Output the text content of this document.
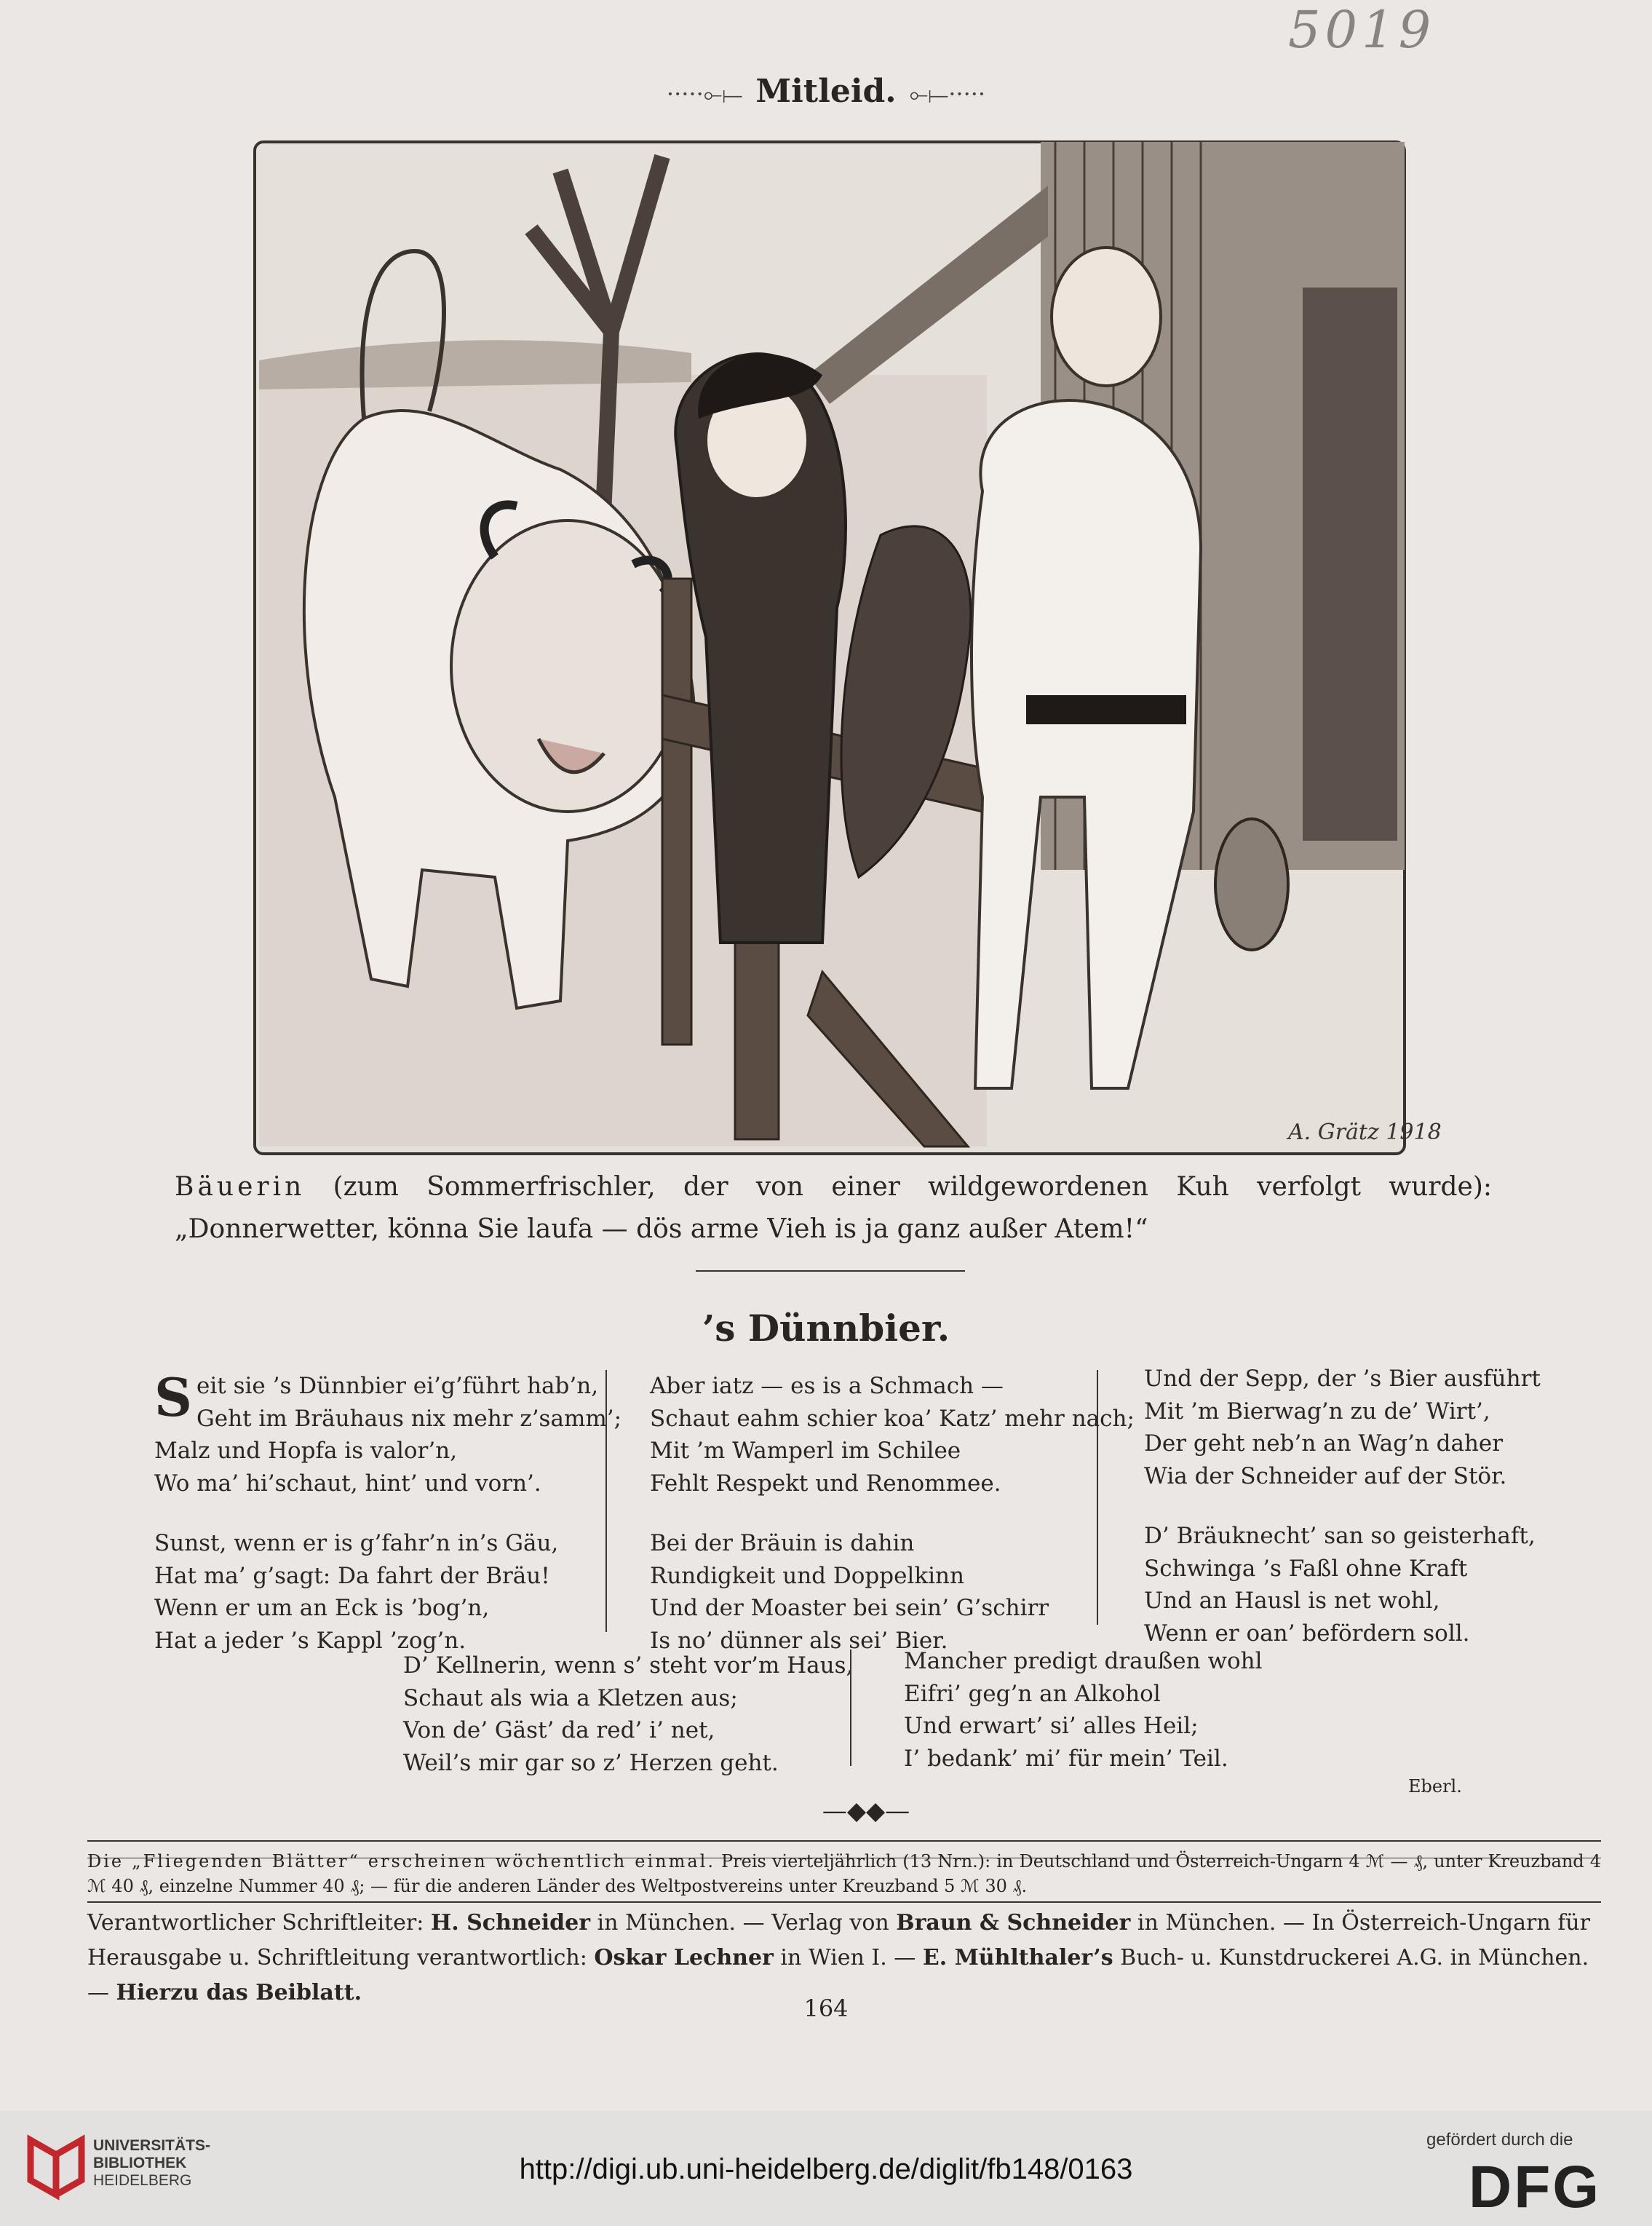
5019
·····⟜⟝ Mitleid. ⟜⟝·····
A. Grätz 1918
Bäuerin (zum Sommerfrischler, der von einer wildgewordenen Kuh verfolgt wurde): „Donnerwetter, könna Sie laufa — dös arme Vieh is ja ganz außer Atem!“
’s Dünnbier.
S eit sie ’s Dünnbier ei’g’führt hab’n,

Geht im Bräuhaus nix mehr z’samm’;

Malz und Hopfa is valor’n,

Wo ma’ hi’schaut, hint’ und vorn’.

Sunst, wenn er is g’fahr’n in’s Gäu,

Hat ma’ g’sagt: Da fahrt der Bräu!

Wenn er um an Eck is ’bog’n,

Hat a jeder ’s Kappl ’zog’n.

Aber iatz — es is a Schmach —

Schaut eahm schier koa’ Katz’ mehr nach;

Mit ’m Wamperl im Schilee

Fehlt Respekt und Renommee.

Bei der Bräuin is dahin

Rundigkeit und Doppelkinn

Und der Moaster bei sein’ G’schirr

Is no’ dünner als sei’ Bier.

Und der Sepp, der ’s Bier ausführt

Mit ’m Bierwag’n zu de’ Wirt’,

Der geht neb’n an Wag’n daher

Wia der Schneider auf der Stör.

D’ Bräuknecht’ san so geisterhaft,

Schwinga ’s Faßl ohne Kraft

Und an Hausl is net wohl,

Wenn er oan’ befördern soll.

D’ Kellnerin, wenn s’ steht vor’m Haus,

Schaut als wia a Kletzen aus;

Von de’ Gäst’ da red’ i’ net,

Weil’s mir gar so z’ Herzen geht.

Mancher predigt draußen wohl

Eifri’ geg’n an Alkohol

Und erwart’ si’ alles Heil;

I’ bedank’ mi’ für mein’ Teil.

Eberl.
—◆◆—
Die „Fliegenden Blätter“ erscheinen wöchentlich einmal. Preis vierteljährlich (13 Nrn.): in Deutschland und Österreich-Ungarn 4 ℳ — ₰, unter Kreuzband 4 ℳ 40 ₰, einzelne Nummer 40 ₰; — für die anderen Länder des Weltpostvereins unter Kreuzband 5 ℳ 30 ₰.
Verantwortlicher Schriftleiter: H. Schneider in München. — Verlag von Braun & Schneider in München. — In Österreich-Ungarn für Herausgabe u. Schriftleitung verantwortlich: Oskar Lechner in Wien I. — E. Mühlthaler’s Buch- u. Kunstdruckerei A.G. in München. — Hierzu das Beiblatt.
164
UNIVERSITÄTS-
BIBLIOTHEK
HEIDELBERG	http://digi.ub.uni-heidelberg.de/diglit/fb148/0163
gefördert durch die
DFG
